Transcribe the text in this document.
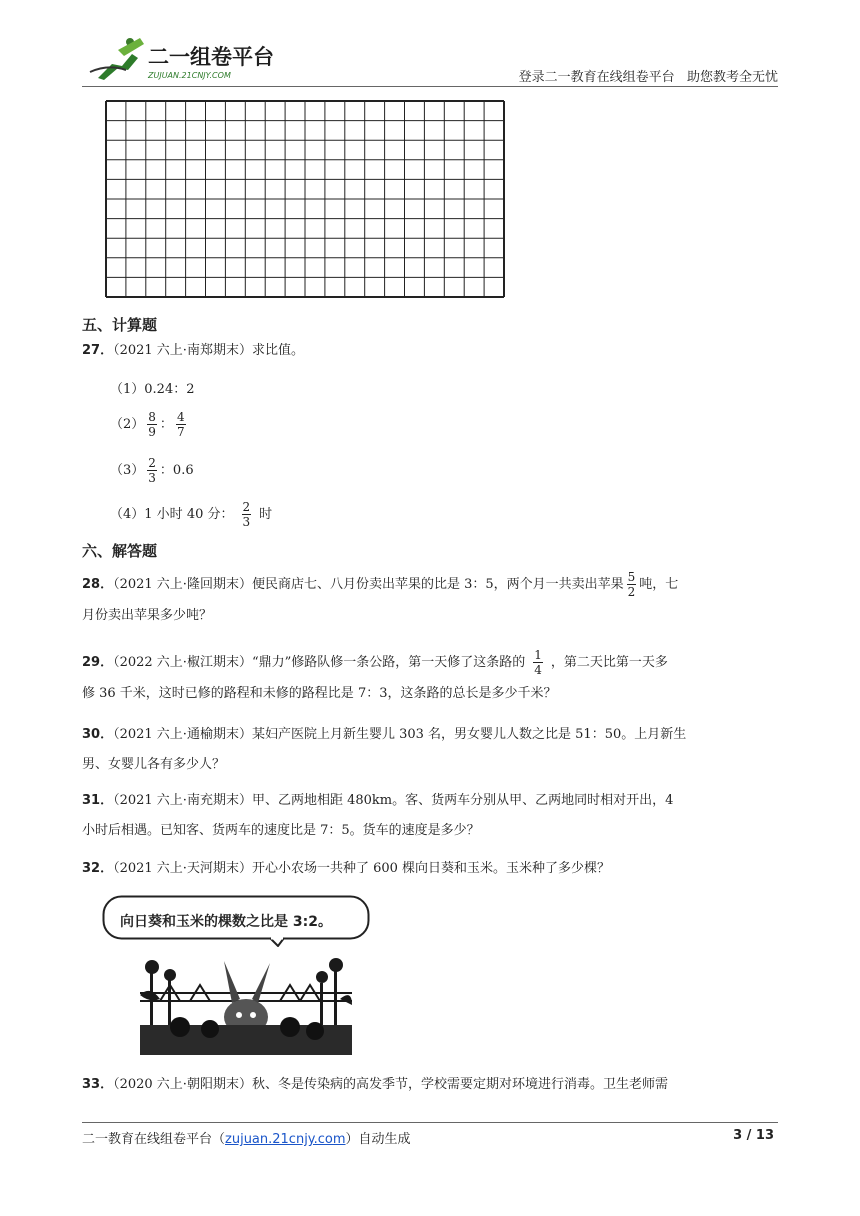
二一组卷平台
ZUJUAN.21CNJY.COM	登录二一教育在线组卷平台   助您教考全无忧
五、计算题
27．（2021 六上·南郑期末）求比值。
（1）0.24：2
$(2) \frac{8}{9}$ ： $\frac{4}{7}$
$(3) \frac{2}{3}$ ：0.6
（4）1 小时 40 分： $\frac{2}{3}$ 时
六、解答题
28．（2021 六上·隆回期末）便民商店七、八月份卖出苹果的比是 3：5，两个月一共卖出苹果 $\frac{5}{2}$ 吨，七
月份卖出苹果多少吨？
29．（2022 六上·椒江期末）“鼎力”修路队修一条公路，第一天修了这条路的 $\frac{1}{4}$ ，第二天比第一天多
修 36 千米，这时已修的路程和未修的路程比是 7：3，这条路的总长是多少千米？
30．（2021 六上·通榆期末）某妇产医院上月新生婴儿 303 名，男女婴儿人数之比是 51：50。上月新生
男、女婴儿各有多少人？
31．（2021 六上·南充期末）甲、乙两地相距 480km。客、货两车分别从甲、乙两地同时相对开出，4
小时后相遇。已知客、货两车的速度比是 7：5。货车的速度是多少？
32．（2021 六上·天河期末）开心小农场一共种了 600 棵向日葵和玉米。玉米种了多少棵？
向日葵和玉米的棵数之比是 3:2。
33．（2020 六上·朝阳期末）秋、冬是传染病的高发季节，学校需要定期对环境进行消毒。卫生老师需
二一教育在线组卷平台（zujuan.21cnjy.com）自动生成	3 / 13
